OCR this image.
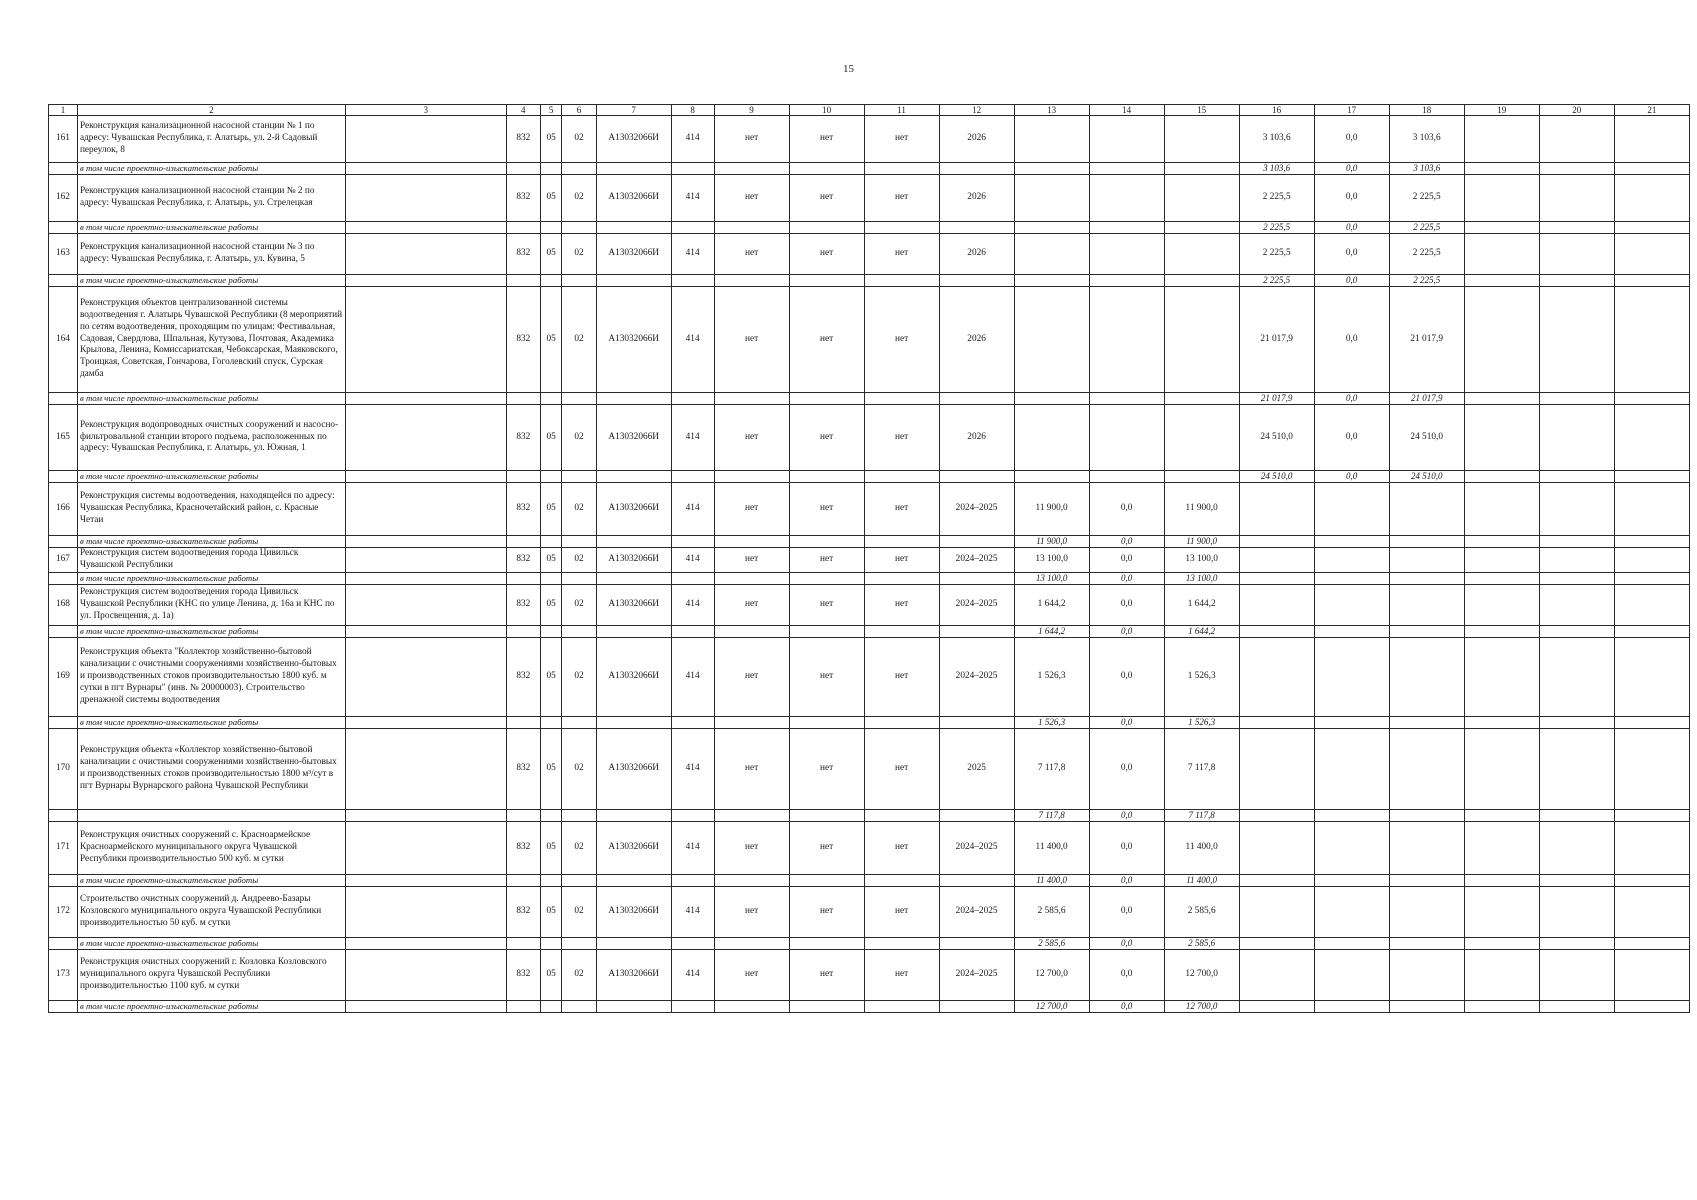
15
1	2	3	4	5	6	7	8	9	10	11	12	13	14	15	16	17	18	19	20	21
161	Реконструкция канализационной насосной станции № 1 по адресу: Чувашская Республика, г. Алатырь, ул. 2-й Садовый переулок, 8		832	05	02	А13032066И	414	нет	нет	нет	2026				3 103,6	0,0	3 103,6			
	в том числе проектно-изыскательские работы														3 103,6	0,0	3 103,6			
162	Реконструкция канализационной насосной станции № 2 по адресу: Чувашская Республика, г. Алатырь, ул. Стрелецкая		832	05	02	А13032066И	414	нет	нет	нет	2026				2 225,5	0,0	2 225,5			
	в том числе проектно-изыскательские работы														2 225,5	0,0	2 225,5			
163	Реконструкция канализационной насосной станции № 3 по адресу: Чувашская Республика, г. Алатырь, ул. Кувина, 5		832	05	02	А13032066И	414	нет	нет	нет	2026				2 225,5	0,0	2 225,5			
	в том числе проектно-изыскательские работы														2 225,5	0,0	2 225,5			
164	Реконструкция объектов централизованной системы водоотведения г. Алатырь Чувашской Республики (8 мероприятий по сетям водоотведения, проходящим по улицам: Фестивальная, Садовая, Свердлова, Шпальная, Кутузова, Почтовая, Академика Крылова, Ленина, Комиссариатская, Чебоксарская, Маяковского, Троицкая, Советская, Гончарова, Гоголевский спуск, Сурская дамба		832	05	02	А13032066И	414	нет	нет	нет	2026				21 017,9	0,0	21 017,9			
	в том числе проектно-изыскательские работы														21 017,9	0,0	21 017,9			
165	Реконструкция водопроводных очистных сооружений и насосно-фильтровальной станции второго подъема, расположенных по адресу: Чувашская Республика, г. Алатырь, ул. Южная, 1		832	05	02	А13032066И	414	нет	нет	нет	2026				24 510,0	0,0	24 510,0			
	в том числе проектно-изыскательские работы														24 510,0	0,0	24 510,0			
166	Реконструкция системы водоотведения, находящейся по адресу: Чувашская Республика, Красночетайский район, с. Красные Четаи		832	05	02	А13032066И	414	нет	нет	нет	2024–2025	11 900,0	0,0	11 900,0						
	в том числе проектно-изыскательские работы											11 900,0	0,0	11 900,0						
167	Реконструкция систем водоотведения города Цивильск Чувашской Республики		832	05	02	А13032066И	414	нет	нет	нет	2024–2025	13 100,0	0,0	13 100,0						
	в том числе проектно-изыскательские работы											13 100,0	0,0	13 100,0						
168	Реконструкция систем водоотведения города Цивильск Чувашской Республики (КНС по улице Ленина, д. 16а и КНС по ул. Просвещения, д. 1а)		832	05	02	А13032066И	414	нет	нет	нет	2024–2025	1 644,2	0,0	1 644,2						
	в том числе проектно-изыскательские работы											1 644,2	0,0	1 644,2						
169	Реконструкция объекта "Коллектор хозяйственно-бытовой канализации с очистными сооружениями хозяйственно-бытовых и производственных стоков производительностью 1800 куб. м сутки в пгт Вурнары" (инв. № 20000003). Строительство дренажной системы водоотведения		832	05	02	А13032066И	414	нет	нет	нет	2024–2025	1 526,3	0,0	1 526,3						
	в том числе проектно-изыскательские работы											1 526,3	0,0	1 526,3						
170	Реконструкция объекта «Коллектор хозяйственно-бытовой канализации с очистными сооружениями хозяйственно-бытовых и производственных стоков производительностью 1800 м³/сут в пгт Вурнары Вурнарского района Чувашской Республики		832	05	02	А13032066И	414	нет	нет	нет	2025	7 117,8	0,0	7 117,8						
												7 117,8	0,0	7 117,8						
171	Реконструкция очистных сооружений с. Красноармейское Красноармейского муниципального округа Чувашской Республики производительностью 500 куб. м сутки		832	05	02	А13032066И	414	нет	нет	нет	2024–2025	11 400,0	0,0	11 400,0						
	в том числе проектно-изыскательские работы											11 400,0	0,0	11 400,0						
172	Строительство очистных сооружений д. Андреево-Базары Козловского муниципального округа Чувашской Республики производительностью 50 куб. м сутки		832	05	02	А13032066И	414	нет	нет	нет	2024–2025	2 585,6	0,0	2 585,6						
	в том числе проектно-изыскательские работы											2 585,6	0,0	2 585,6						
173	Реконструкция очистных сооружений г. Козловка Козловского муниципального округа Чувашской Республики производительностью 1100 куб. м сутки		832	05	02	А13032066И	414	нет	нет	нет	2024–2025	12 700,0	0,0	12 700,0						
	в том числе проектно-изыскательские работы											12 700,0	0,0	12 700,0						
